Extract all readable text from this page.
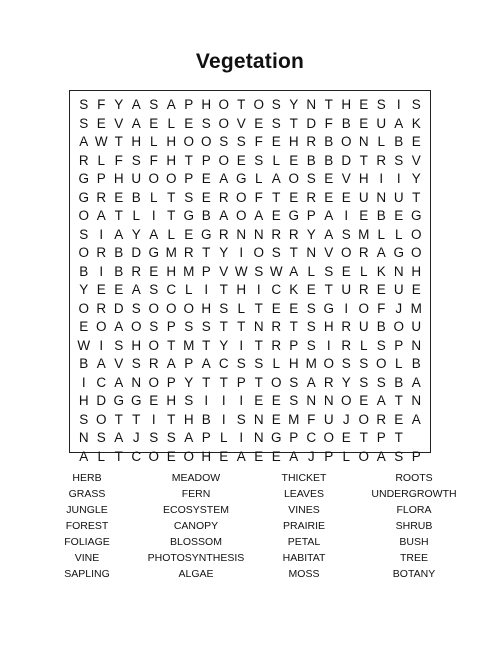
Vegetation
S F Y A S A P H O T O S Y N T H E S I S
S E V A E L E S O V E S T D F B E U A K
A W T H L H O O S S F E H R B O N L B E
R L F S F H T P O E S L E B B D T R S V
G P H U O O P E A G L A O S E V H I	I Y
G R E B L T S E R O F T E R E E U N U T
O A T L I T G B A O A E G P A I E B E G
S I A Y A L E G R N N R R Y A S M L L O
O R B D G M R T Y I O S T N V O R A G O
B I B R E H M P V W S W A L S E L K N H
Y E E A S C L I T H I C K E T U R E U E
O R D S O O O H S L T E E S G I O F J M
E O A O S P S S T T N R T S H R U B O U
W I S H O T M T Y I T R P S I R L S P N
B A V S R A P A C S S L H M O S S O L B
I C A N O P Y T T P T O S A R Y S S B A
H D G G E H S I	I	I E E S N N O E A T N
S O T T I T H B I S N E M F U J O R E A
N S A J S S A P L I N G P C O E T P T

A L T C O E O H E A E E A J P L O A S P
HERB	MEADOW	THICKET	ROOTS
GRASS	FERN	LEAVES	UNDERGROWTH
JUNGLE	ECOSYSTEM	VINES	FLORA
FOREST	CANOPY	PRAIRIE	SHRUB
FOLIAGE	BLOSSOM	PETAL	BUSH
VINE	PHOTOSYNTHESIS	HABITAT	TREE
SAPLING	ALGAE	MOSS	BOTANY
